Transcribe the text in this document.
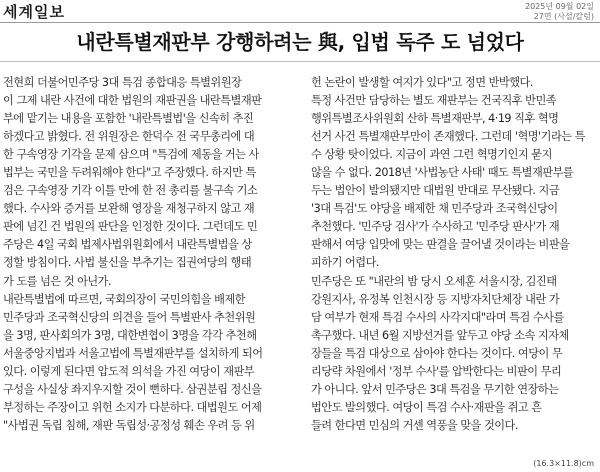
세계일보	2025년 09월 02일
27면 (사설/칼럼)
내란특별재판부 강행하려는 與, 입법 독주 도 넘었다
전현희 더불어민주당 3대 특검 종합대응 특별위원장
이 그제 내란 사건에 대한 법원의 재판권을 내란특별재판
부에 맡기는 내용을 포함한 '내란특별법'을 신속히 추진
하겠다고 밝혔다. 전 위원장은 한덕수 전 국무총리에 대
한 구속영장 기각을 문제 삼으며 "특검에 제동을 거는 사
법부는 국민을 두려워해야 한다"고 주장했다. 하지만 특
검은 구속영장 기각 이틀 만에 한 전 총리를 불구속 기소
했다. 수사와 증거를 보완해 영장을 재청구하지 않고 재
판에 넘긴 건 법원의 판단을 인정한 것이다. 그런데도 민
주당은 4일 국회 법제사법위원회에서 내란특별법을 상
정할 방침이다. 사법 불신을 부추기는 집권여당의 행태
가 도를 넘은 것 아닌가.
내란특별법에 따르면, 국회의장이 국민의힘을 배제한
민주당과 조국혁신당의 의견을 들어 특별판사 추천위원
을 3명, 판사회의가 3명, 대한변협이 3명을 각각 추천해
서울중앙지법과 서울고법에 특별재판부를 설치하게 되어
있다. 이렇게 된다면 압도적 의석을 가진 여당이 재판부
구성을 사실상 좌지우지할 것이 뻔하다. 삼권분립 정신을
부정하는 주장이고 위헌 소지가 다분하다. 대법원도 어제
"사법권 독립 침해, 재판 독립성·공정성 훼손 우려 등 위
헌 논란이 발생할 여지가 있다"고 정면 반박했다.
특정 사건만 담당하는 별도 재판부는 건국직후 반민족
행위특별조사위원회 산하 특별재판부, 4·19 직후 혁명
선거 사건 특별재판부만이 존재했다. 그런데 '혁명'기라는 특
수 상황 탓이었다. 지금이 과연 그런 혁명기인지 묻지
않을 수 없다. 2018년 '사법농단 사태' 때도 특별재판부를
두는 법안이 발의됐지만 대법원 반대로 무산됐다. 지금
'3대 특검'도 야당을 배제한 채 민주당과 조국혁신당이
추천했다. '민주당 검사'가 수사하고 '민주당 판사'가 재
판해서 여당 입맛에 맞는 판결을 끌어낼 것이라는 비판을
피하기 어렵다.
민주당은 또 "내란의 밤 당시 오세훈 서울시장, 김진태
강원지사, 유정복 인천시장 등 지방자치단체장 내란 가
담 여부가 현재 특검 수사의 사각지대"라며 특검 수사를
촉구했다. 내년 6월 지방선거를 앞두고 야당 소속 지자체
장들을 특검 대상으로 삼아야 한다는 것이다. 여당이 무
리당략 차원에서 '정부 수사'를 압박한다는 비판이 무리
가 아니다. 앞서 민주당은 3대 특검을 무기한 연장하는
법안도 발의했다. 여당이 특검 수사·재판을 쥐고 흔
들려 한다면 민심의 거센 역풍을 맞을 것이다.
(16.3×11.8)cm
